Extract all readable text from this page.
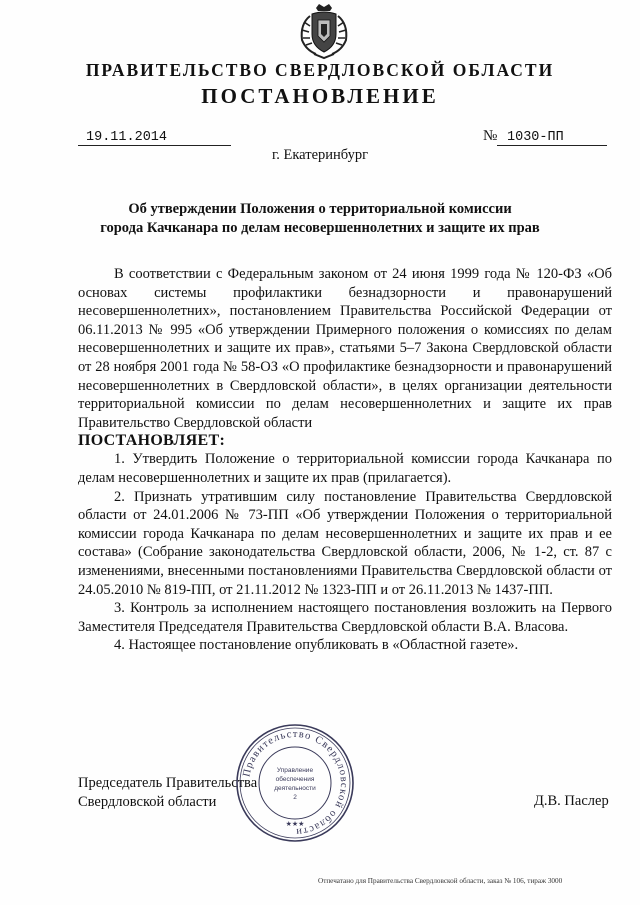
ПРАВИТЕЛЬСТВО СВЕРДЛОВСКОЙ ОБЛАСТИ
ПОСТАНОВЛЕНИЕ
19.11.2014	№ 1030-ПП
г. Екатеринбург
Об утверждении Положения о территориальной комиссии
города Качканара по делам несовершеннолетних и защите их прав

В соответствии с Федеральным законом от 24 июня 1999 года № 120-ФЗ «Об основах системы профилактики безнадзорности и правонарушений несовершеннолетних», постановлением Правительства Российской Федерации от 06.11.2013 № 995 «Об утверждении Примерного положения о комиссиях по делам несовершеннолетних и защите их прав», статьями 5–7 Закона Свердловской области от 28 ноября 2001 года № 58-ОЗ «О профилактике безнадзорности и правонарушений несовершеннолетних в Свердловской области», в целях организации деятельности территориальной комиссии по делам несовершеннолетних и защите их прав Правительство Свердловской области

ПОСТАНОВЛЯЕТ:

1. Утвердить Положение о территориальной комиссии города Качканара по делам несовершеннолетних и защите их прав (прилагается).

2. Признать утратившим силу постановление Правительства Свердловской области от 24.01.2006 № 73-ПП «Об утверждении Положения о территориальной комиссии города Качканара по делам несовершеннолетних и защите их прав и ее состава» (Собрание законодательства Свердловской области, 2006, № 1-2, ст. 87 с изменениями, внесенными постановлениями Правительства Свердловской области от 24.05.2010 № 819-ПП, от 21.11.2012 № 1323-ПП и от 26.11.2013 № 1437-ПП.

3. Контроль за исполнением настоящего постановления возложить на Первого Заместителя Председателя Правительства Свердловской области В.А. Власова.

4. Настоящее постановление опубликовать в «Областной газете».

Председатель Правительства
Свердловской области	Д.В. Паслер
Правительство Свердловской области
Управление
обеспечения
деятельности
2
★★★
Отпечатано для Правительства Свердловской области, заказ № 106, тираж 3000
